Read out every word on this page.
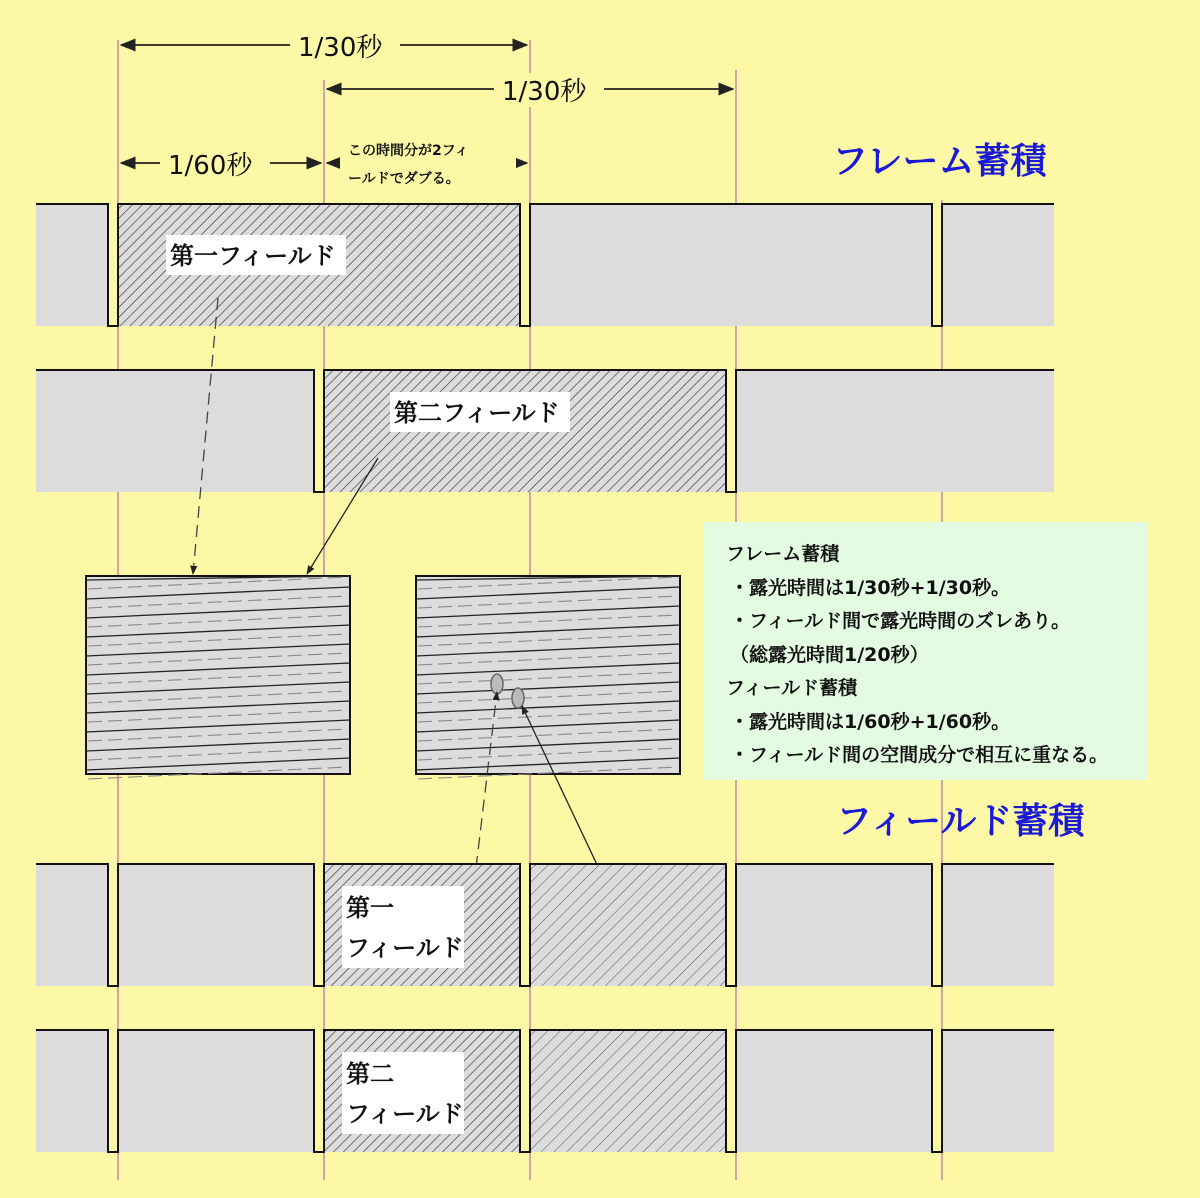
1/30秒
1/30秒
1/60秒	この時間分が2フィ
ールドでダブる。	フレーム蓄積
フィールド蓄積
第一フィールド
第二フィールド
第一
フィールド
第二
フィールド
フレーム蓄積
・露光時間は1/30秒+1/30秒。
・フィールド間で露光時間のズレあり。
（総露光時間1/20秒）
フィールド蓄積
・露光時間は1/60秒+1/60秒。
・フィールド間の空間成分で相互に重なる。
